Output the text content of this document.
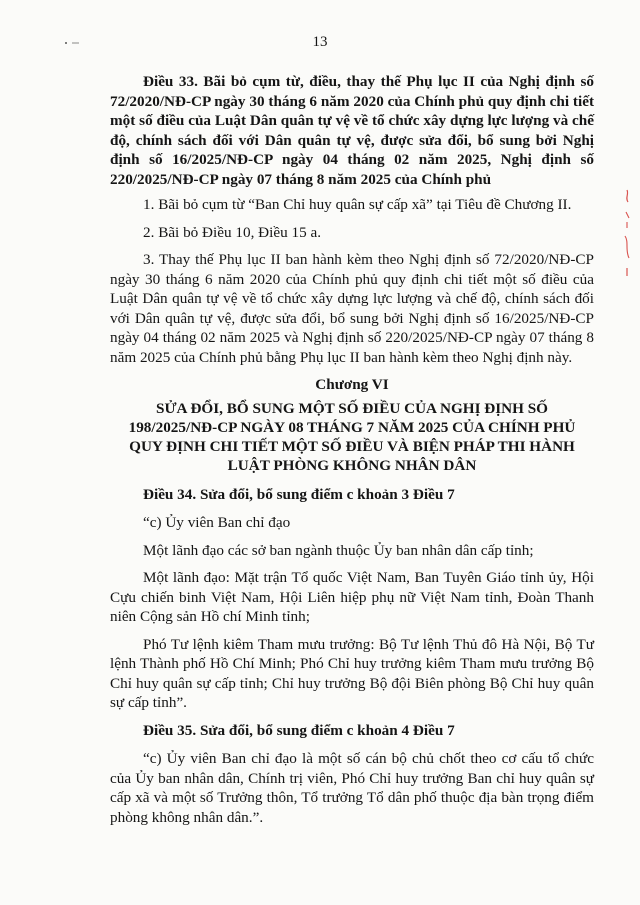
13

Điều 33. Bãi bỏ cụm từ, điều, thay thế Phụ lục II của Nghị định số 72/2020/NĐ-CP ngày 30 tháng 6 năm 2020 của Chính phủ quy định chi tiết một số điều của Luật Dân quân tự vệ về tổ chức xây dựng lực lượng và chế độ, chính sách đối với Dân quân tự vệ, được sửa đổi, bổ sung bởi Nghị định số 16/2025/NĐ-CP ngày 04 tháng 02 năm 2025, Nghị định số 220/2025/NĐ-CP ngày 07 tháng 8 năm 2025 của Chính phủ

1. Bãi bỏ cụm từ “Ban Chỉ huy quân sự cấp xã” tại Tiêu đề Chương II.

2. Bãi bỏ Điều 10, Điều 15 a.

3. Thay thế Phụ lục II ban hành kèm theo Nghị định số 72/2020/NĐ-CP ngày 30 tháng 6 năm 2020 của Chính phủ quy định chi tiết một số điều của Luật Dân quân tự vệ về tổ chức xây dựng lực lượng và chế độ, chính sách đối với Dân quân tự vệ, được sửa đổi, bổ sung bởi Nghị định số 16/2025/NĐ-CP ngày 04 tháng 02 năm 2025 và Nghị định số 220/2025/NĐ-CP ngày 07 tháng 8 năm 2025 của Chính phủ bằng Phụ lục II ban hành kèm theo Nghị định này.

Chương VI

SỬA ĐỔI, BỔ SUNG MỘT SỐ ĐIỀU CỦA NGHỊ ĐỊNH SỐ 198/2025/NĐ-CP NGÀY 08 THÁNG 7 NĂM 2025 CỦA CHÍNH PHỦ QUY ĐỊNH CHI TIẾT MỘT SỐ ĐIỀU VÀ BIỆN PHÁP THI HÀNH LUẬT PHÒNG KHÔNG NHÂN DÂN

Điều 34. Sửa đổi, bổ sung điểm c khoản 3 Điều 7

“c) Ủy viên Ban chỉ đạo

Một lãnh đạo các sở ban ngành thuộc Ủy ban nhân dân cấp tỉnh;

Một lãnh đạo: Mặt trận Tổ quốc Việt Nam, Ban Tuyên Giáo tỉnh ủy, Hội Cựu chiến binh Việt Nam, Hội Liên hiệp phụ nữ Việt Nam tỉnh, Đoàn Thanh niên Cộng sản Hồ chí Minh tỉnh;

Phó Tư lệnh kiêm Tham mưu trưởng: Bộ Tư lệnh Thủ đô Hà Nội, Bộ Tư lệnh Thành phố Hồ Chí Minh; Phó Chỉ huy trưởng kiêm Tham mưu trưởng Bộ Chỉ huy quân sự cấp tỉnh; Chỉ huy trưởng Bộ đội Biên phòng Bộ Chỉ huy quân sự cấp tỉnh”.

Điều 35. Sửa đổi, bổ sung điểm c khoản 4 Điều 7

“c) Ủy viên Ban chỉ đạo là một số cán bộ chủ chốt theo cơ cấu tổ chức của Ủy ban nhân dân, Chính trị viên, Phó Chỉ huy trưởng Ban chỉ huy quân sự cấp xã và một số Trưởng thôn, Tổ trưởng Tổ dân phố thuộc địa bàn trọng điểm phòng không nhân dân.”.
